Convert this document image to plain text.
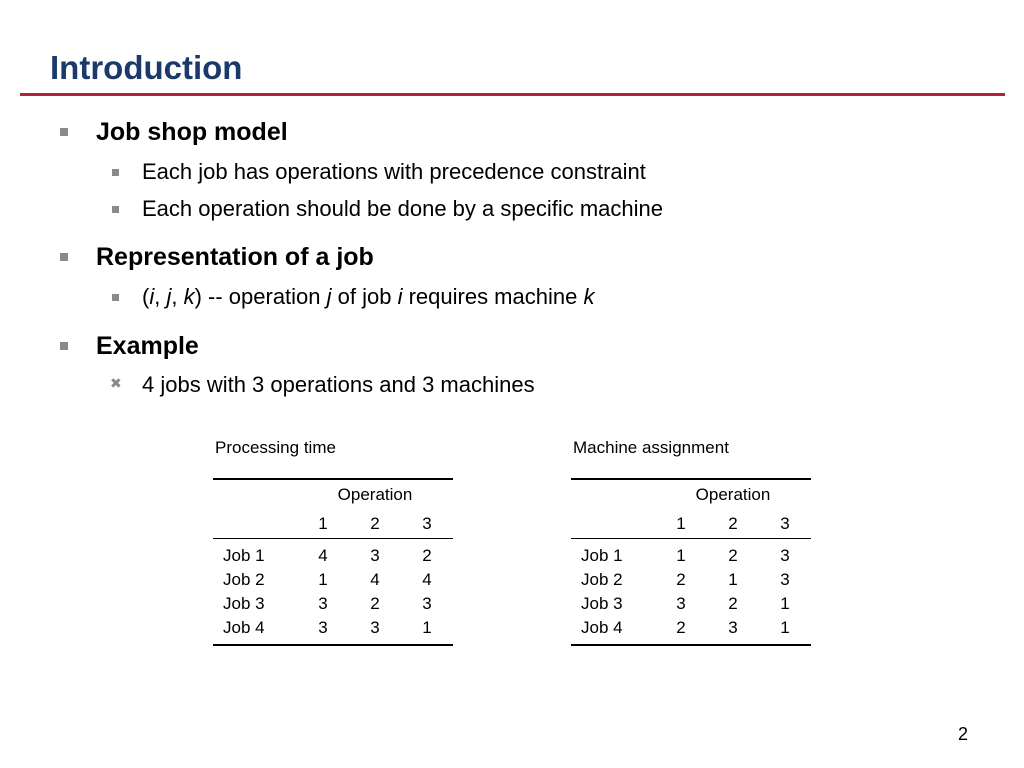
Introduction
Job shop model
Each job has operations with precedence constraint
Each operation should be done by a specific machine
Representation of a job
(i, j, k) -- operation j of job i requires machine k
Example
✖ 4 jobs with 3 operations and 3 machines
Processing time
	Operation		
	1	2	3
Job 1	4	3	2
Job 2	1	4	4
Job 3	3	2	3
Job 4	3	3	1
Machine assignment
	Operation		
	1	2	3
Job 1	1	2	3
Job 2	2	1	3
Job 3	3	2	1
Job 4	2	3	1
2
